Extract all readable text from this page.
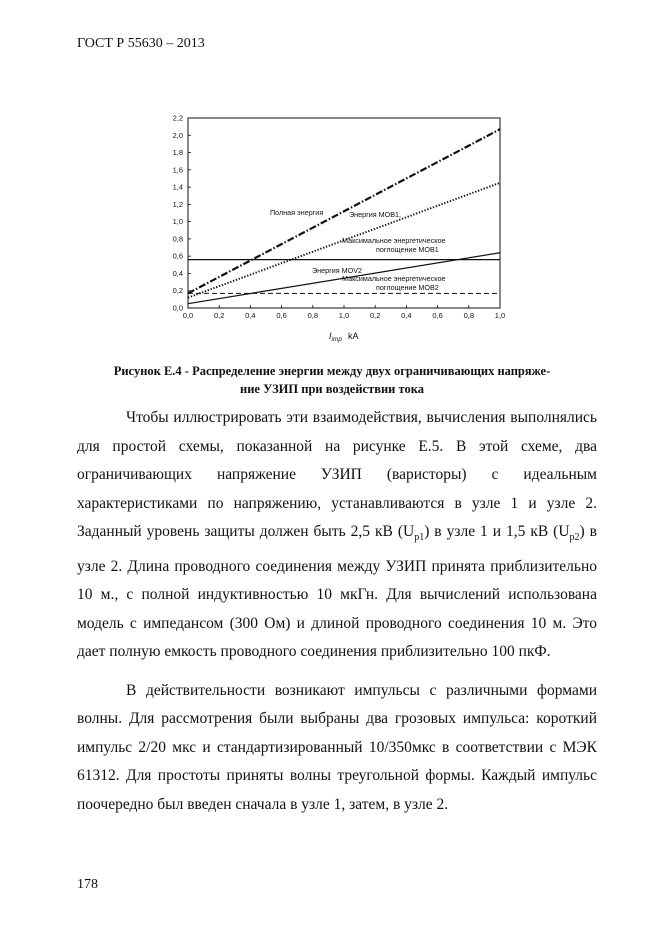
ГОСТ Р 55630 – 2013
0,0
0,2
0,4
0,6
0,8
1,0
1,2
1,4
1,6
1,8
2,0
2,2
0,0	0,2	0,4	0,6	0,8	1,0	0,2	0,4	0,6	0,8	1,0
Полная энергия	Энергия МОВ1,
Максимальное энергетическое
поглощение МОВ1
Энергия MOV2
Максимальное энергетическое
поглощение МОВ2
$I_{imp}$ kA
Рисунок Е.4 - Распределение энергии между двух ограничивающих напряже-
ние УЗИП при воздействии тока

Чтобы иллюстрировать эти взаимодействия, вычисления выполнялись для простой схемы, показанной на рисунке Е.5. В этой схеме, два ограничивающих напряжение УЗИП (варисторы) с идеальным характеристиками по напряжению, устанавливаются в узле 1 и узле 2. Заданный уровень защиты должен быть 2,5 кВ $(U_{p1})$ в узле 1 и 1,5 кВ $(U_{p2})$ в узле 2. Длина проводного соединения между УЗИП принята приблизительно 10 м., с полной индуктивностью 10 мкГн. Для вычислений использована модель с импедансом (300 Ом) и длиной проводного соединения 10 м. Это дает полную емкость проводного соединения приблизительно 100 пкФ.

В действительности возникают импульсы с различными формами волны. Для рассмотрения были выбраны два грозовых импульса: короткий импульс 2/20 мкс и стандартизированный 10/350мкс в соответствии с МЭК 61312. Для простоты приняты волны треугольной формы. Каждый импульс поочередно был введен сначала в узле 1, затем, в узле 2.

178
